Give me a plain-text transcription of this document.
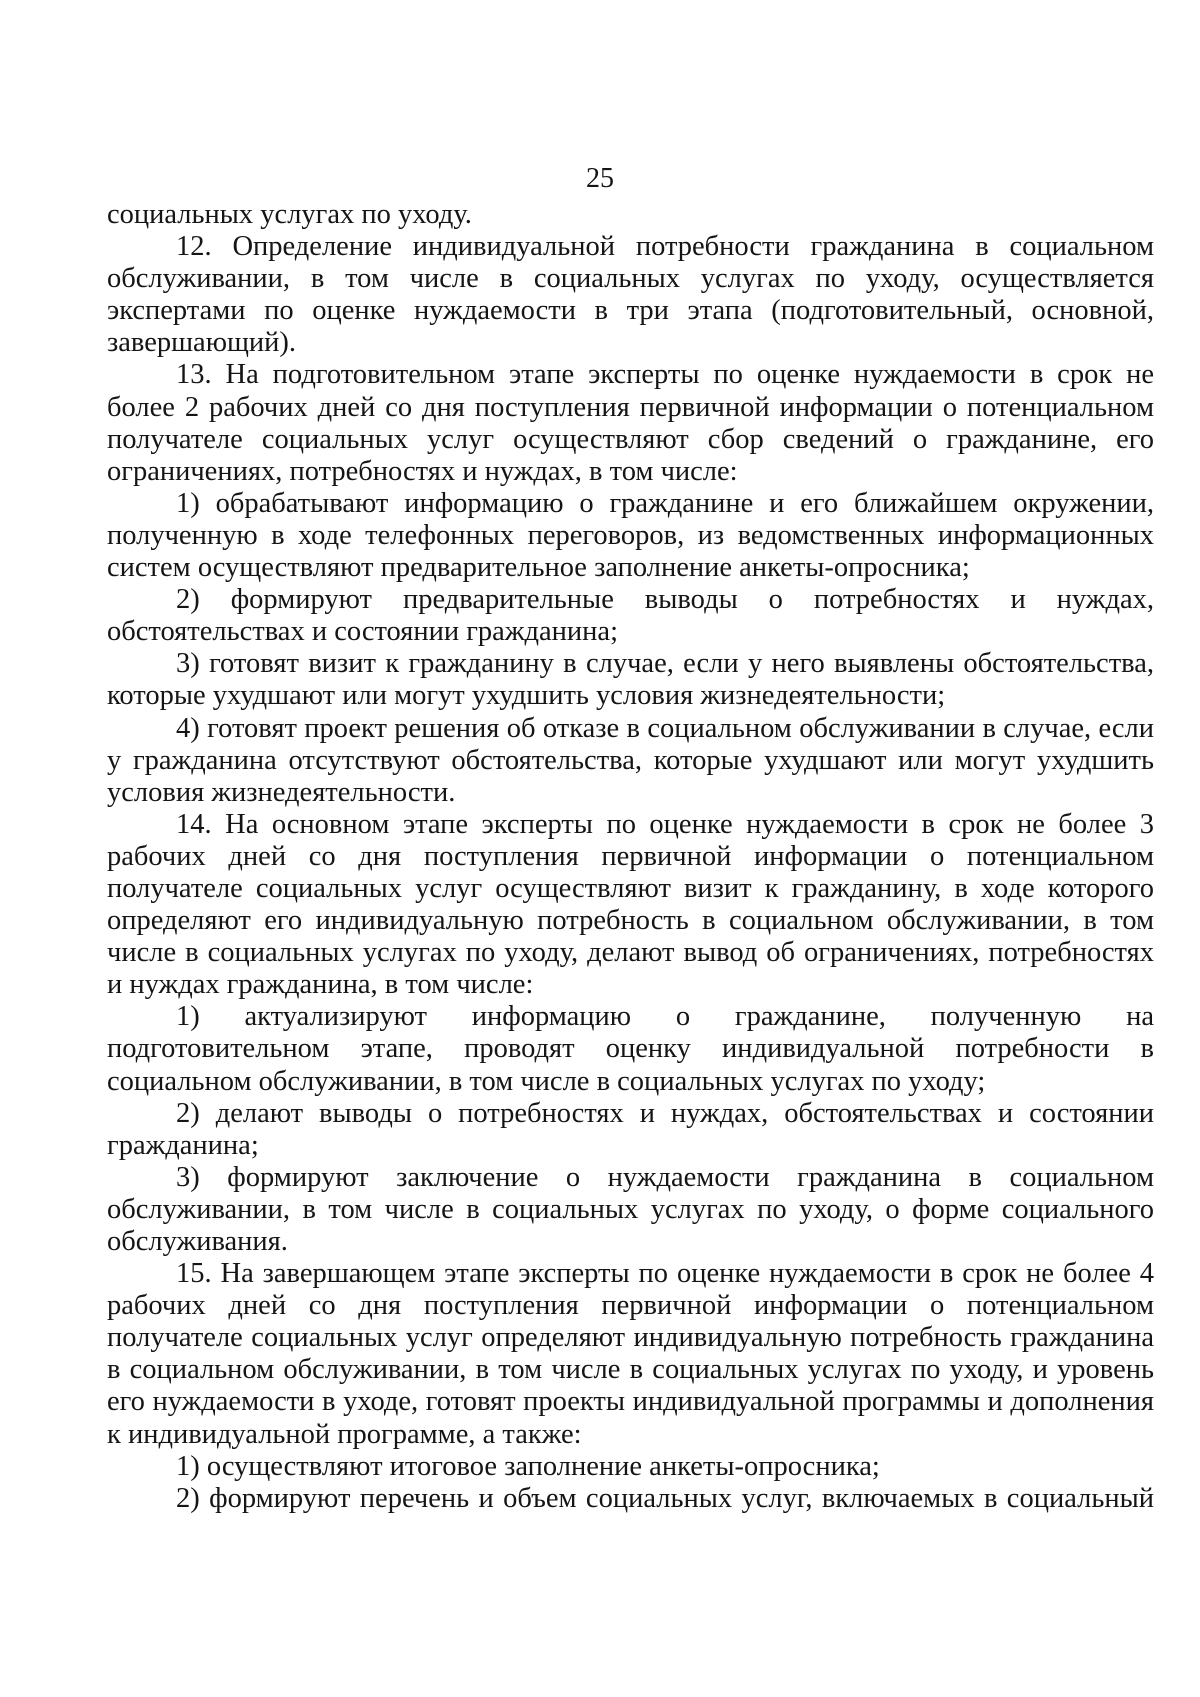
25

социальных услугах по уходу.

12. Определение индивидуальной потребности гражданина в социальном обслуживании, в том числе в социальных услугах по уходу, осуществляется экспертами по оценке нуждаемости в три этапа (подготовительный, основной, завершающий).

13. На подготовительном этапе эксперты по оценке нуждаемости в срок не более 2 рабочих дней со дня поступления первичной информации о потенциальном получателе социальных услуг осуществляют сбор сведений о гражданине, его ограничениях, потребностях и нуждах, в том числе:

1) обрабатывают информацию о гражданине и его ближайшем окружении, полученную в ходе телефонных переговоров, из ведомственных информационных систем осуществляют предварительное заполнение анкеты-опросника;

2) формируют предварительные выводы о потребностях и нуждах, обстоятельствах и состоянии гражданина;

3) готовят визит к гражданину в случае, если у него выявлены обстоятельства, которые ухудшают или могут ухудшить условия жизнедеятельности;

4) готовят проект решения об отказе в социальном обслуживании в случае, если у гражданина отсутствуют обстоятельства, которые ухудшают или могут ухудшить условия жизнедеятельности.

14. На основном этапе эксперты по оценке нуждаемости в срок не более 3 рабочих дней со дня поступления первичной информации о потенциальном получателе социальных услуг осуществляют визит к гражданину, в ходе которого определяют его индивидуальную потребность в социальном обслуживании, в том числе в социальных услугах по уходу, делают вывод об ограничениях, потребностях и нуждах гражданина, в том числе:

1) актуализируют информацию о гражданине, полученную на подготовительном этапе, проводят оценку индивидуальной потребности в социальном обслуживании, в том числе в социальных услугах по уходу;

2) делают выводы о потребностях и нуждах, обстоятельствах и состоянии гражданина;

3) формируют заключение о нуждаемости гражданина в социальном обслуживании, в том числе в социальных услугах по уходу, о форме социального обслуживания.

15. На завершающем этапе эксперты по оценке нуждаемости в срок не более 4 рабочих дней со дня поступления первичной информации о потенциальном получателе социальных услуг определяют индивидуальную потребность гражданина в социальном обслуживании, в том числе в социальных услугах по уходу, и уровень его нуждаемости в уходе, готовят проекты индивидуальной программы и дополнения к индивидуальной программе, а также:

1) осуществляют итоговое заполнение анкеты-опросника;

2) формируют перечень и объем социальных услуг, включаемых в социальный
